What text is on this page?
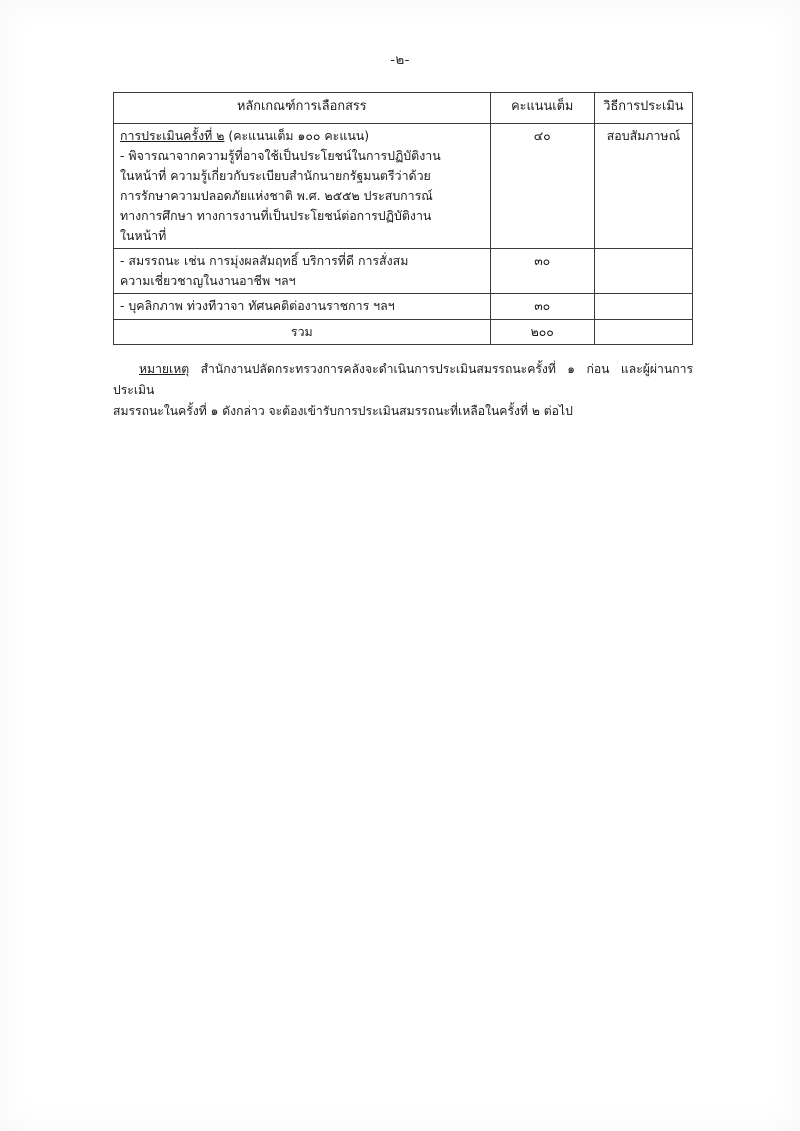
-๒-
หลักเกณฑ์การเลือกสรร	คะแนนเต็ม	วิธีการประเมิน

การประเมินครั้งที่ ๒ (คะแนนเต็ม ๑๐๐ คะแนน)

- พิจารณาจากความรู้ที่อาจใช้เป็นประโยชน์ในการปฏิบัติงาน

ในหน้าที่ ความรู้เกี่ยวกับระเบียบสำนักนายกรัฐมนตรีว่าด้วย

การรักษาความปลอดภัยแห่งชาติ พ.ศ. ๒๕๕๒ ประสบการณ์

ทางการศึกษา ทางการงานที่เป็นประโยชน์ต่อการปฏิบัติงาน

ในหน้าที่

	๔๐	สอบสัมภาษณ์

- สมรรถนะ เช่น การมุ่งผลสัมฤทธิ์ บริการที่ดี การสั่งสม

ความเชี่ยวชาญในงานอาชีพ ฯลฯ	๓๐	

- บุคลิกภาพ ท่วงทีวาจา ทัศนคติต่องานราชการ ฯลฯ	๓๐	
รวม	๒๐๐	
หมายเหตุ สำนักงานปลัดกระทรวงการคลังจะดำเนินการประเมินสมรรถนะครั้งที่ ๑ ก่อน และผู้ผ่านการประเมิน
สมรรถนะในครั้งที่ ๑ ดังกล่าว จะต้องเข้ารับการประเมินสมรรถนะที่เหลือในครั้งที่ ๒ ต่อไป
